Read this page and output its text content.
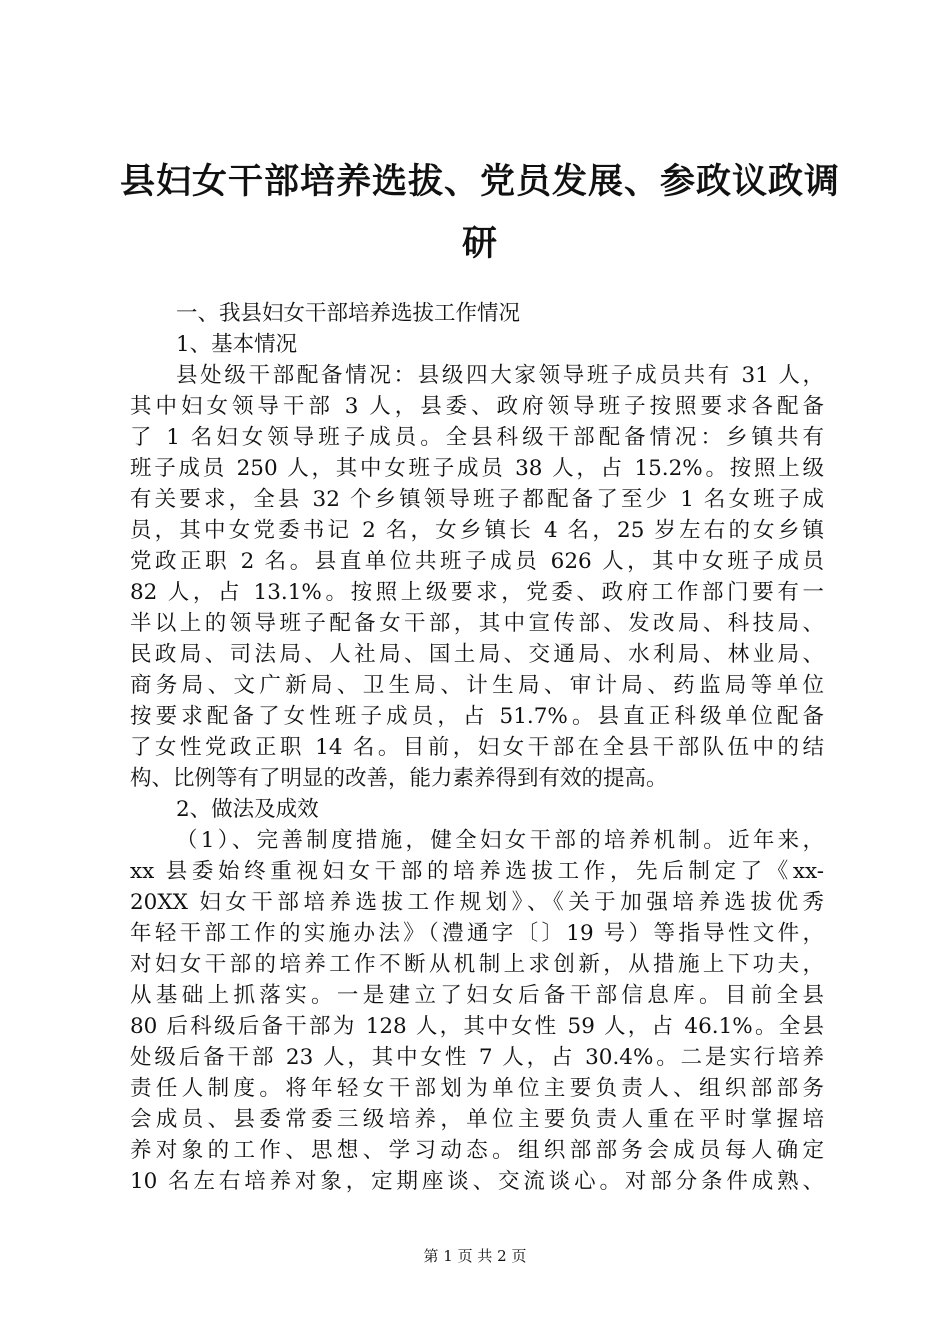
县妇女干部培养选拔、党员发展、参政议政调
研
一、我县妇女干部培养选拔工作情况
1、基本情况
县处级干部配备情况：县级四大家领导班子成员共有 31 人，
其中妇女领导干部 3 人，县委、政府领导班子按照要求各配备
了 1 名妇女领导班子成员。全县科级干部配备情况：乡镇共有
班子成员 250 人，其中女班子成员 38 人，占 15.2%。按照上级
有关要求，全县 32 个乡镇领导班子都配备了至少 1 名女班子成
员，其中女党委书记 2 名，女乡镇长 4 名，25 岁左右的女乡镇
党政正职 2 名。县直单位共班子成员 626 人，其中女班子成员
82 人，占 13.1%。按照上级要求，党委、政府工作部门要有一
半以上的领导班子配备女干部，其中宣传部、发改局、科技局、
民政局、司法局、人社局、国土局、交通局、水利局、林业局、
商务局、文广新局、卫生局、计生局、审计局、药监局等单位
按要求配备了女性班子成员，占 51.7%。县直正科级单位配备
了女性党政正职 14 名。目前，妇女干部在全县干部队伍中的结
构、比例等有了明显的改善，能力素养得到有效的提高。
2、做法及成效
（1）、完善制度措施，健全妇女干部的培养机制。近年来，
xx 县委始终重视妇女干部的培养选拔工作，先后制定了《xx-
20XX 妇女干部培养选拔工作规划》、《关于加强培养选拔优秀
年轻干部工作的实施办法》（澧通字〔〕19 号）等指导性文件，
对妇女干部的培养工作不断从机制上求创新，从措施上下功夫，
从基础上抓落实。一是建立了妇女后备干部信息库。目前全县
80 后科级后备干部为 128 人，其中女性 59 人，占 46.1%。全县
处级后备干部 23 人，其中女性 7 人，占 30.4%。二是实行培养
责任人制度。将年轻女干部划为单位主要负责人、组织部部务
会成员、县委常委三级培养，单位主要负责人重在平时掌握培
养对象的工作、思想、学习动态。组织部部务会成员每人确定
10 名左右培养对象，定期座谈、交流谈心。对部分条件成熟、
第 1 页 共 2 页
